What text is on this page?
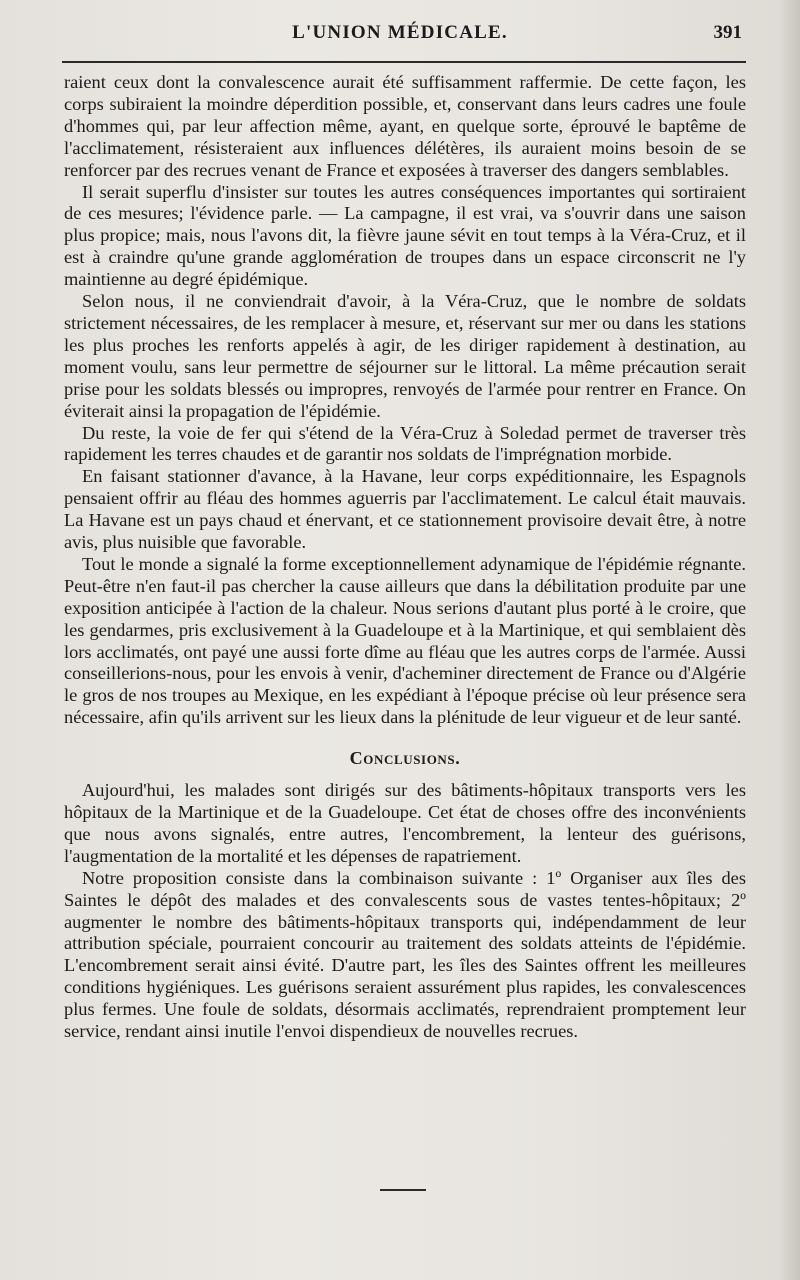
L'UNION MÉDICALE.	391

raient ceux dont la convalescence aurait été suffisamment raffermie. De cette façon, les corps subiraient la moindre déperdition possible, et, conservant dans leurs cadres une foule d'hommes qui, par leur affection même, ayant, en quelque sorte, éprouvé le baptême de l'acclimatement, résisteraient aux influences délétères, ils auraient moins besoin de se renforcer par des recrues venant de France et exposées à traverser des dangers semblables.

Il serait superflu d'insister sur toutes les autres conséquences importantes qui sortiraient de ces mesures; l'évidence parle. — La campagne, il est vrai, va s'ouvrir dans une saison plus propice; mais, nous l'avons dit, la fièvre jaune sévit en tout temps à la Véra-Cruz, et il est à craindre qu'une grande agglomération de troupes dans un espace circonscrit ne l'y maintienne au degré épidémique.

Selon nous, il ne conviendrait d'avoir, à la Véra-Cruz, que le nombre de soldats strictement nécessaires, de les remplacer à mesure, et, réservant sur mer ou dans les stations les plus proches les renforts appelés à agir, de les diriger rapidement à destination, au moment voulu, sans leur permettre de séjourner sur le littoral. La même précaution serait prise pour les soldats blessés ou impropres, renvoyés de l'armée pour rentrer en France. On éviterait ainsi la propagation de l'épidémie.

Du reste, la voie de fer qui s'étend de la Véra-Cruz à Soledad permet de traverser très rapidement les terres chaudes et de garantir nos soldats de l'imprégnation morbide.

En faisant stationner d'avance, à la Havane, leur corps expéditionnaire, les Espagnols pensaient offrir au fléau des hommes aguerris par l'acclimatement. Le calcul était mauvais. La Havane est un pays chaud et énervant, et ce stationnement provisoire devait être, à notre avis, plus nuisible que favorable.

Tout le monde a signalé la forme exceptionnellement adynamique de l'épidémie régnante. Peut-être n'en faut-il pas chercher la cause ailleurs que dans la débilitation produite par une exposition anticipée à l'action de la chaleur. Nous serions d'autant plus porté à le croire, que les gendarmes, pris exclusivement à la Guadeloupe et à la Martinique, et qui semblaient dès lors acclimatés, ont payé une aussi forte dîme au fléau que les autres corps de l'armée. Aussi conseillerions-nous, pour les envois à venir, d'acheminer directement de France ou d'Algérie le gros de nos troupes au Mexique, en les expédiant à l'époque précise où leur présence sera nécessaire, afin qu'ils arrivent sur les lieux dans la plénitude de leur vigueur et de leur santé.

Conclusions.

Aujourd'hui, les malades sont dirigés sur des bâtiments-hôpitaux transports vers les hôpitaux de la Martinique et de la Guadeloupe. Cet état de choses offre des inconvénients que nous avons signalés, entre autres, l'encombrement, la lenteur des guérisons, l'augmentation de la mortalité et les dépenses de rapatriement.

Notre proposition consiste dans la combinaison suivante : 1º Organiser aux îles des Saintes le dépôt des malades et des convalescents sous de vastes tentes-hôpitaux; 2º augmenter le nombre des bâtiments-hôpitaux transports qui, indépendamment de leur attribution spéciale, pourraient concourir au traitement des soldats atteints de l'épidémie. L'encombrement serait ainsi évité. D'autre part, les îles des Saintes offrent les meilleures conditions hygiéniques. Les guérisons seraient assurément plus rapides, les convalescences plus fermes. Une foule de soldats, désormais acclimatés, reprendraient promptement leur service, rendant ainsi inutile l'envoi dispendieux de nouvelles recrues.
